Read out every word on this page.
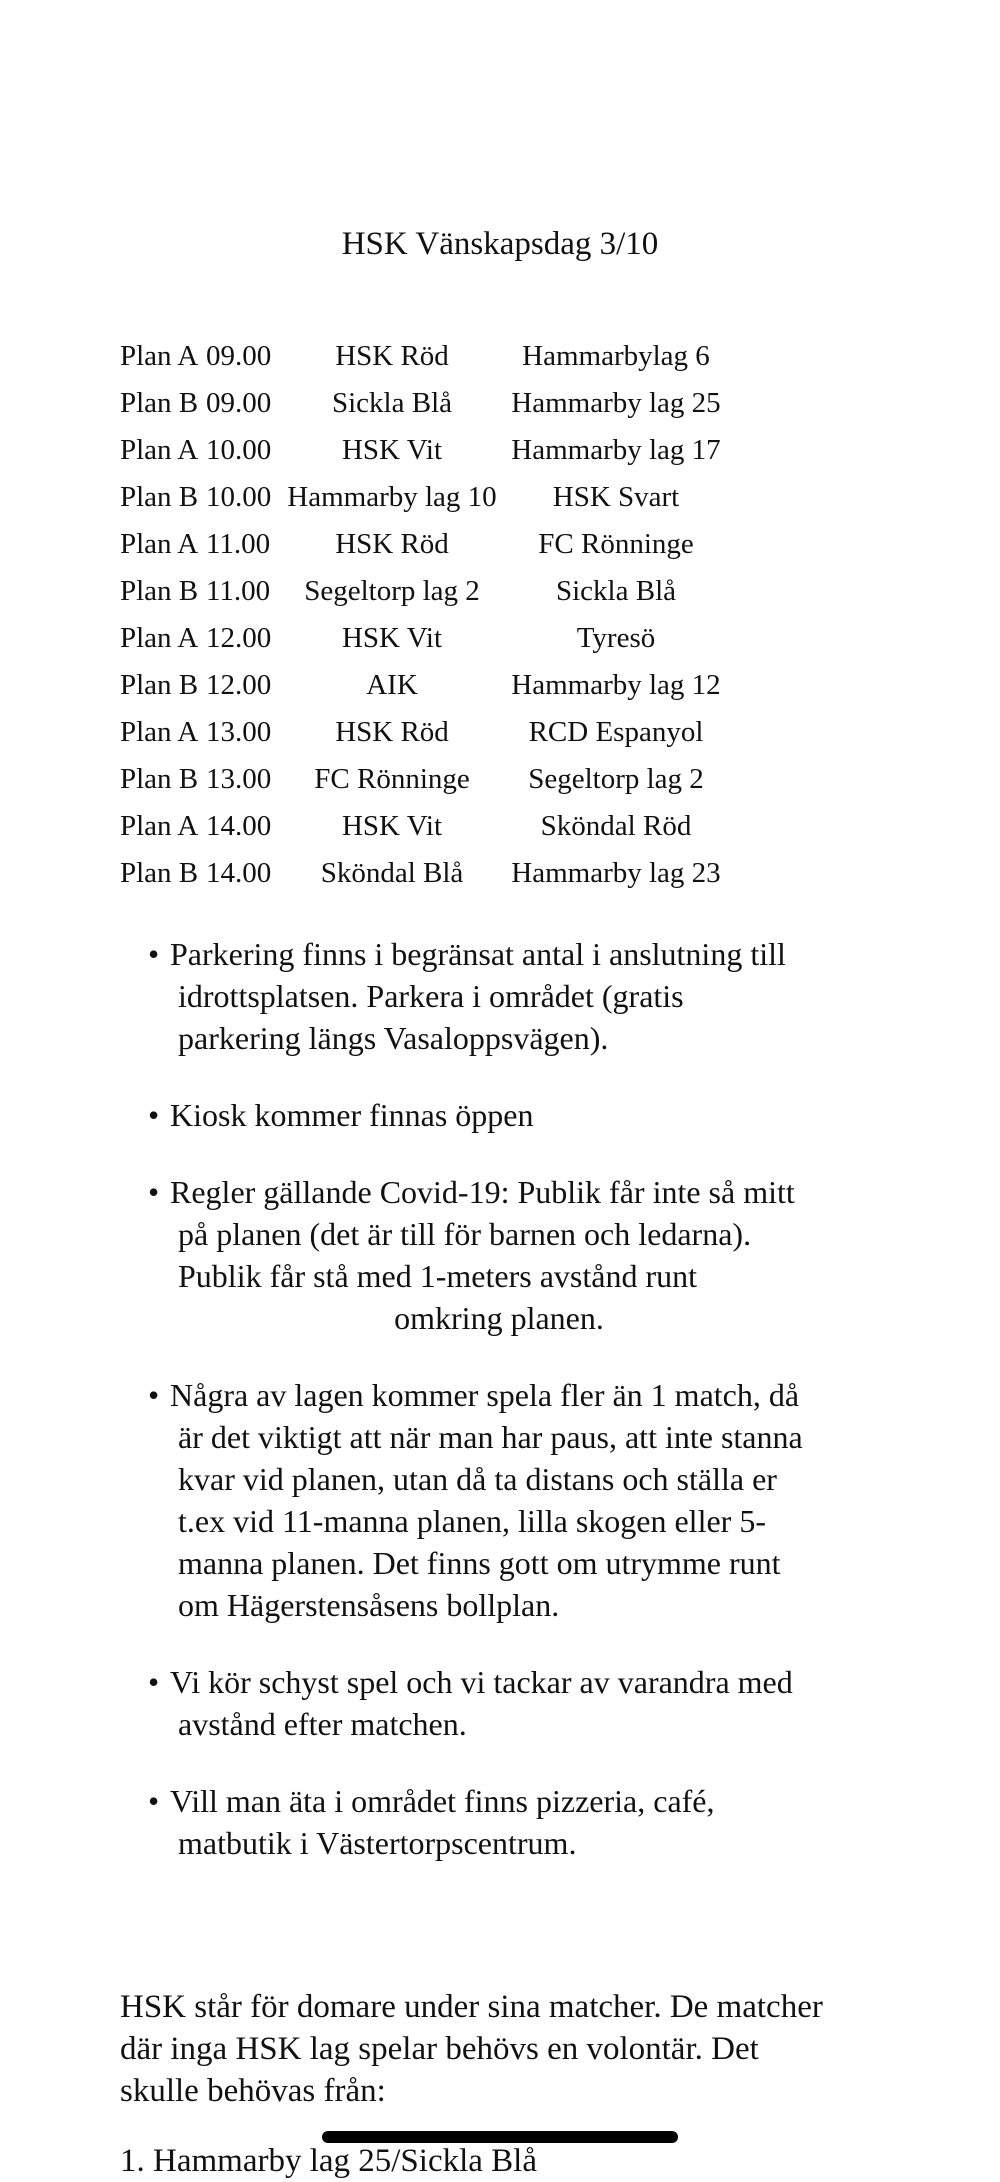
HSK Vänskapsdag 3/10
Plan A 09.00	HSK Röd	Hammarbylag 6
Plan B 09.00	Sickla Blå	Hammarby lag 25
Plan A 10.00	HSK Vit	Hammarby lag 17
Plan B 10.00 Hammarby lag 10	HSK Svart
Plan A 11.00	HSK Röd	FC Rönninge
Plan B 11.00	Segeltorp lag 2	Sickla Blå
Plan A 12.00	HSK Vit	Tyresö
Plan B 12.00	AIK	Hammarby lag 12
Plan A 13.00	HSK Röd	RCD Espanyol
Plan B 13.00	FC Rönninge	Segeltorp lag 2
Plan A 14.00	HSK Vit	Sköndal Röd
Plan B 14.00	Sköndal Blå	Hammarby lag 23
• Parkering finns i begränsat antal i anslutning till
idrottsplatsen. Parkera i området (gratis
parkering längs Vasaloppsvägen).
• Kiosk kommer finnas öppen
• Regler gällande Covid-19: Publik får inte så mitt
på planen (det är till för barnen och ledarna).
Publik får stå med 1-meters avstånd runt
omkring planen.
• Några av lagen kommer spela fler än 1 match, då
är det viktigt att när man har paus, att inte stanna
kvar vid planen, utan då ta distans och ställa er
t.ex vid 11-manna planen, lilla skogen eller 5-
manna planen. Det finns gott om utrymme runt
om Hägerstensåsens bollplan.
• Vi kör schyst spel och vi tackar av varandra med
avstånd efter matchen.
• Vill man äta i området finns pizzeria, café,
matbutik i Västertorpscentrum.
HSK står för domare under sina matcher. De matcher
där inga HSK lag spelar behövs en volontär. Det
skulle behövas från:
1. Hammarby lag 25/Sickla Blå
